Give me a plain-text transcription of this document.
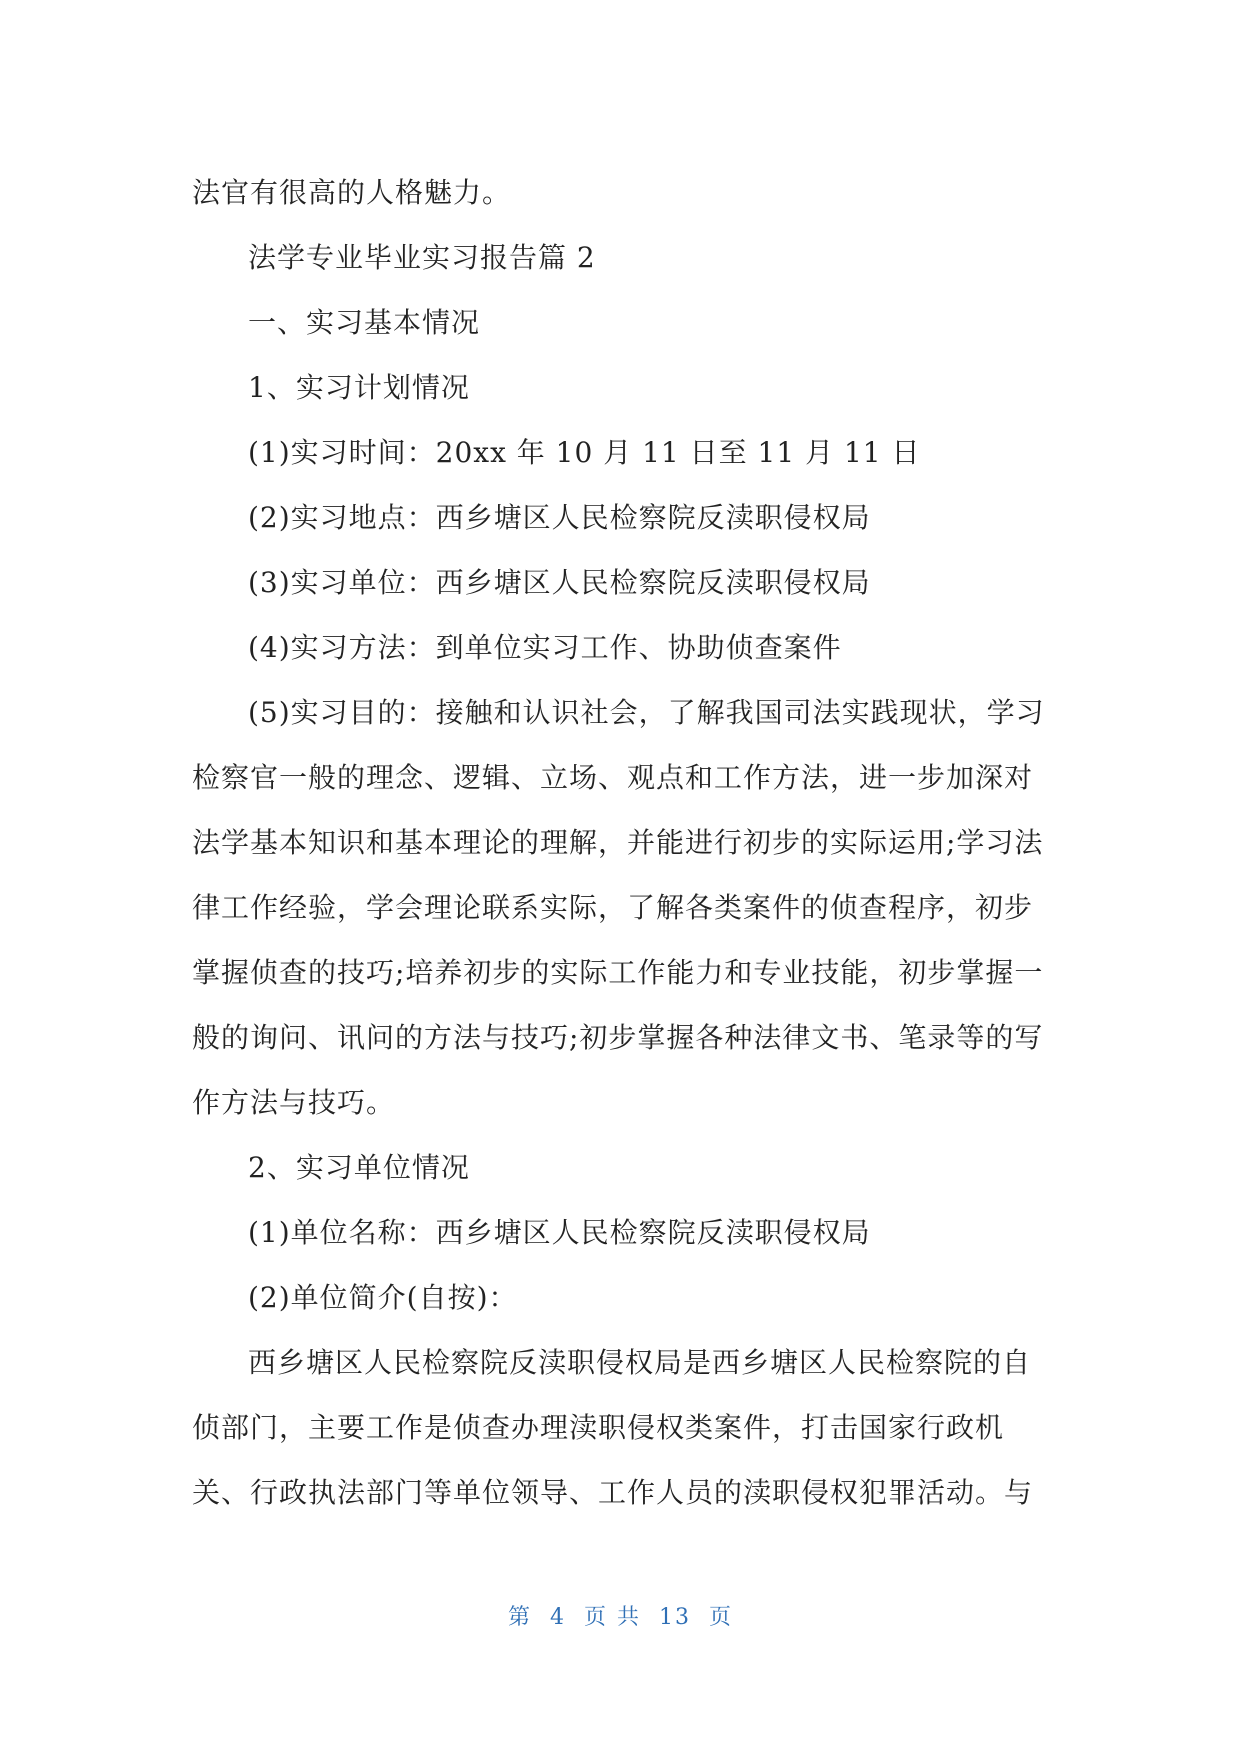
法官有很高的人格魅力。
法学专业毕业实习报告篇 2
一、实习基本情况
1、实习计划情况
(1)实习时间：20xx 年 10 月 11 日至 11 月 11 日
(2)实习地点：西乡塘区人民检察院反渎职侵权局
(3)实习单位：西乡塘区人民检察院反渎职侵权局
(4)实习方法：到单位实习工作、协助侦查案件
(5)实习目的：接触和认识社会，了解我国司法实践现状，学习
检察官一般的理念、逻辑、立场、观点和工作方法，进一步加深对
法学基本知识和基本理论的理解，并能进行初步的实际运用;学习法
律工作经验，学会理论联系实际，了解各类案件的侦查程序，初步
掌握侦查的技巧;培养初步的实际工作能力和专业技能，初步掌握一
般的询问、讯问的方法与技巧;初步掌握各种法律文书、笔录等的写
作方法与技巧。
2、实习单位情况
(1)单位名称：西乡塘区人民检察院反渎职侵权局
(2)单位简介(自按)：
西乡塘区人民检察院反渎职侵权局是西乡塘区人民检察院的自
侦部门，主要工作是侦查办理渎职侵权类案件，打击国家行政机
关、行政执法部门等单位领导、工作人员的渎职侵权犯罪活动。与
第  4  页 共  13  页
